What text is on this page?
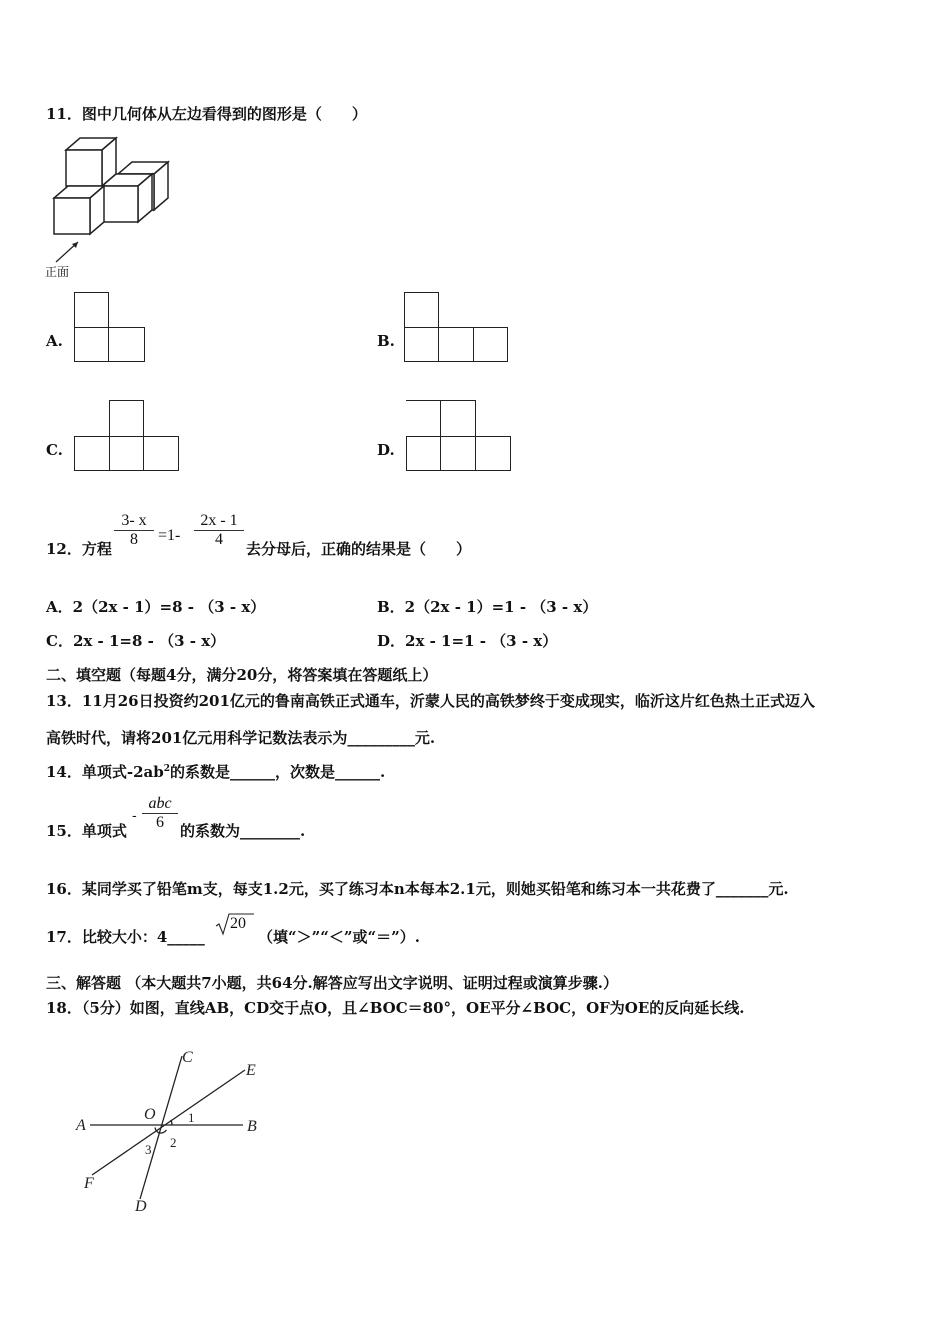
11．图中几何体从左边看得到的图形是（　　）
正面
A.	B.
C.	D.
12．方程 $\frac{3- x}{8} =1- \frac{2x - 1}{4}$ 去分母后，正确的结果是（　　）
A．2（2x - 1）=8 - （3 - x）	B．2（2x - 1）=1 - （3 - x）
C．2x - 1=8 - （3 - x）	D．2x - 1=1 - （3 - x）
二、填空题（每题4分，满分20分，将答案填在答题纸上）
13．11月26日投资约201亿元的鲁南高铁正式通车，沂蒙人民的高铁梦终于变成现实，临沂这片红色热土正式迈入
高铁时代，请将201亿元用科学记数法表示为_________元.
14．单项式$-2ab^2$的系数是______，次数是______.
15．单项式
-
abc
6	的系数为________.
16．某同学买了铅笔m支，每支1.2元，买了练习本n本每本2.1元，则她买铅笔和练习本一共花费了_______元.
17．比较大小：4_____
20
（填“＞”“＜”或“＝”）.
三、解答题 （本大题共7小题，共64分.解答应写出文字说明、证明过程或演算步骤.）
18．（5分）如图，直线AB，CD交于点O，且∠BOC＝80°，OE平分∠BOC，OF为OE的反向延长线.
A	B
C
D
E
F
O 1
2
3
